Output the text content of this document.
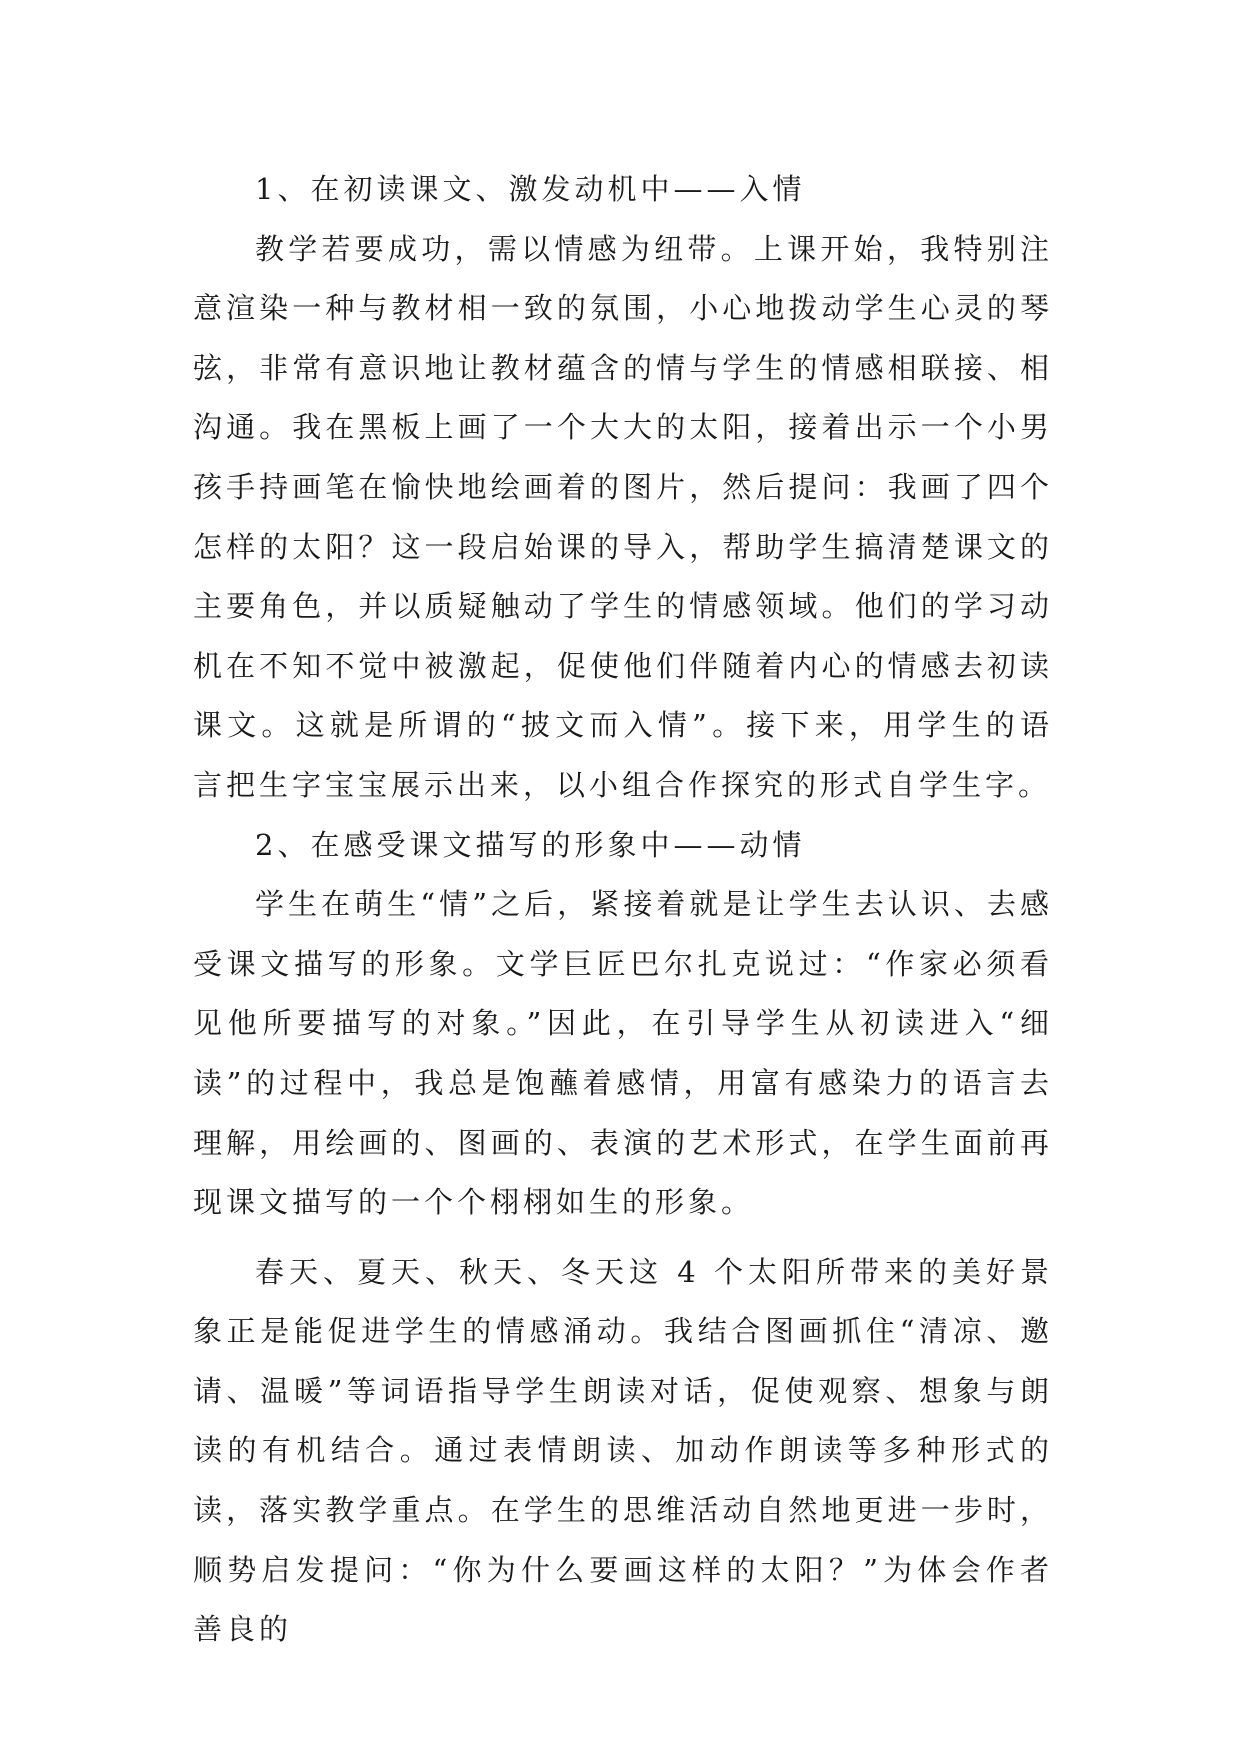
1、在初读课文、激发动机中——入情

教学若要成功，需以情感为纽带。上课开始，我特别注意渲染一种与教材相一致的氛围，小心地拨动学生心灵的琴弦，非常有意识地让教材蕴含的情与学生的情感相联接、相沟通。我在黑板上画了一个大大的太阳，接着出示一个小男孩手持画笔在愉快地绘画着的图片，然后提问：我画了四个怎样的太阳？这一段启始课的导入，帮助学生搞清楚课文的主要角色，并以质疑触动了学生的情感领域。他们的学习动机在不知不觉中被激起，促使他们伴随着内心的情感去初读课文。这就是所谓的“披文而入情”。接下来，用学生的语言把生字宝宝展示出来，以小组合作探究的形式自学生字。

2、在感受课文描写的形象中——动情

学生在萌生“情”之后，紧接着就是让学生去认识、去感受课文描写的形象。文学巨匠巴尔扎克说过：“作家必须看见他所要描写的对象。”因此，在引导学生从初读进入“细读”的过程中，我总是饱蘸着感情，用富有感染力的语言去理解，用绘画的、图画的、表演的艺术形式，在学生面前再现课文描写的一个个栩栩如生的形象。

春天、夏天、秋天、冬天这 4 个太阳所带来的美好景象正是能促进学生的情感涌动。我结合图画抓住“清凉、邀请、温暖”等词语指导学生朗读对话，促使观察、想象与朗读的有机结合。通过表情朗读、加动作朗读等多种形式的读，落实教学重点。在学生的思维活动自然地更进一步时，顺势启发提问：“你为什么要画这样的太阳？”为体会作者善良的
